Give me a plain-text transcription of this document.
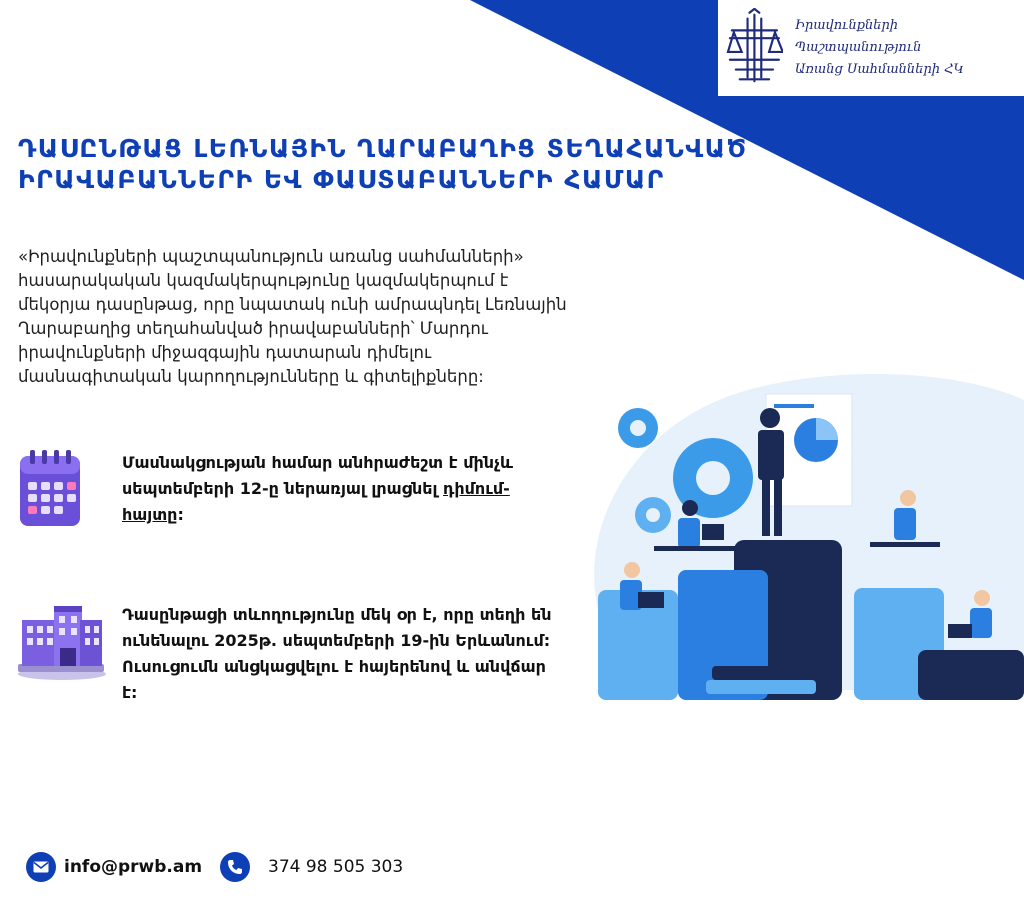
Իրավունքների Պաշտպանություն
Առանց Սահմանների ՀԿ
ԴԱՍԸՆԹԱՑ ԼԵՌՆԱՅԻՆ ՂԱՐԱԲԱՂԻՑ ՏԵՂԱՀԱՆՎԱԾ
ԻՐԱՎԱԲԱՆՆԵՐԻ ԵՎ ՓԱՍՏԱԲԱՆՆԵՐԻ ՀԱՄԱՐ

«Իրավունքների պաշտպանություն առանց սահմանների» հասարակական կազմակերպությունը կազմակերպում է մեկօրյա դասընթաց, որը նպատակ ունի ամրապնդել Լեռնային Ղարաբաղից տեղահանված իրավաբանների՝ Մարդու իրավունքների միջազգային դատարան դիմելու մասնագիտական կարողությունները և գիտելիքները:

Մասնակցության համար անհրաժեշտ է մինչև սեպտեմբերի 12-ը ներառյալ լրացնել դիմում-հայտը:
Դասընթացի տևողությունը մեկ օր է, որը տեղի են ունենալու 2025թ. սեպտեմբերի 19-ին Երևանում: Ուսուցումն անցկացվելու է հայերենով և անվճար է:
info@prwb.am	374 98 505 303
